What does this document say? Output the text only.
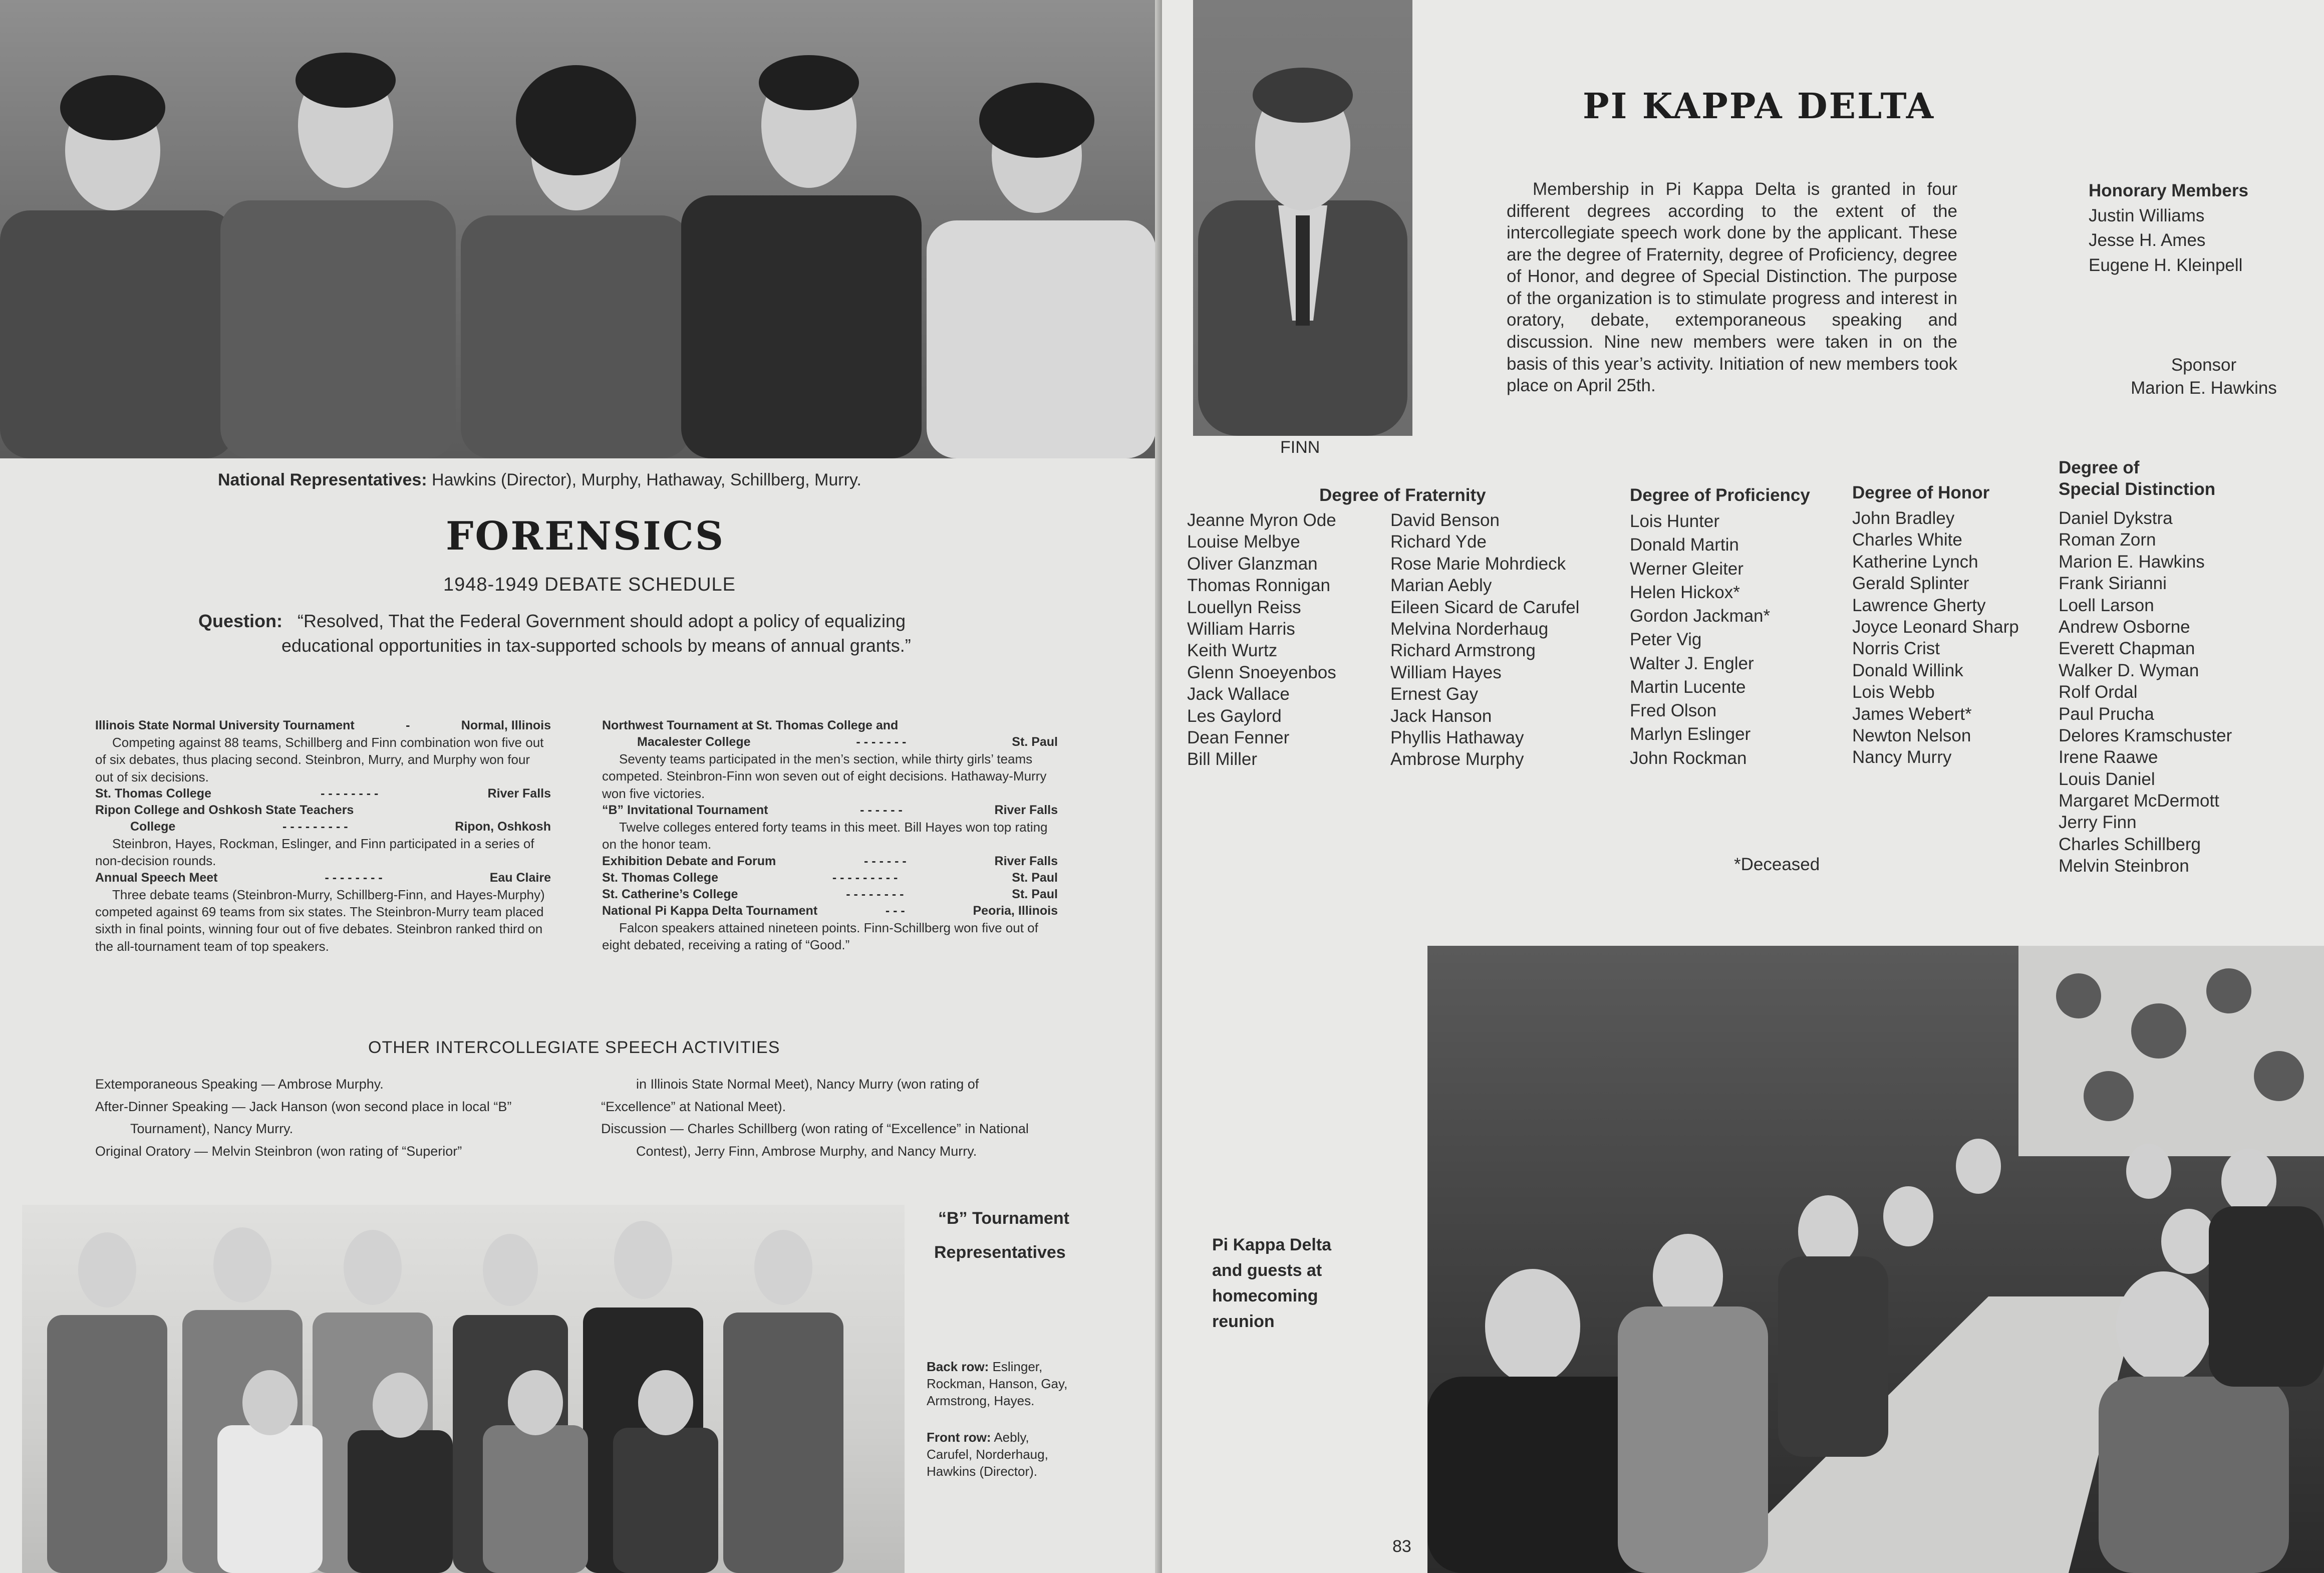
National Representatives: Hawkins (Director), Murphy, Hathaway, Schillberg, Murry.
FORENSICS
1948-1949 DEBATE SCHEDULE
Question: “Resolved, That the Federal Government should adopt a policy of equalizing
educational opportunities in tax-supported schools by means of annual grants.”
Illinois State Normal University Tournament	-	Normal, Illinois

Competing against 88 teams, Schillberg and Finn combination won five out of six debates, thus placing second. Steinbron, Murry, and Murphy won four out of six decisions.

St. Thomas College	- - - - - - - -	River Falls
Ripon College and Oshkosh State Teachers
College	- - - - - - - - -	Ripon, Oshkosh

Steinbron, Hayes, Rockman, Eslinger, and Finn participated in a series of non-decision rounds.

Annual Speech Meet	- - - - - - - -	Eau Claire

Three debate teams (Steinbron-Murry, Schillberg-Finn, and Hayes-Murphy) competed against 69 teams from six states. The Steinbron-Murry team placed sixth in final points, winning four out of five debates. Steinbron ranked third on the all-tournament team of top speakers.

Northwest Tournament at St. Thomas College and
Macalester College	- - - - - - -	St. Paul

Seventy teams participated in the men’s section, while thirty girls’ teams competed. Steinbron-Finn won seven out of eight decisions. Hathaway-Murry won five victories.

“B” Invitational Tournament	- - - - - -	River Falls

Twelve colleges entered forty teams in this meet. Bill Hayes won top rating on the honor team.

Exhibition Debate and Forum	- - - - - -	River Falls
St. Thomas College	- - - - - - - - -	St. Paul
St. Catherine’s College	- - - - - - - -	St. Paul
National Pi Kappa Delta Tournament	- - -	Peoria, Illinois

Falcon speakers attained nineteen points. Finn-Schillberg won five out of eight debated, receiving a rating of “Good.”

OTHER INTERCOLLEGIATE SPEECH ACTIVITIES

Extemporaneous Speaking — Ambrose Murphy.

After-Dinner Speaking — Jack Hanson (won second place in local “B” Tournament), Nancy Murry.

Original Oratory — Melvin Steinbron (won rating of “Superior”

in Illinois State Normal Meet), Nancy Murry (won rating of “Excellence” at National Meet).

Discussion — Charles Schillberg (won rating of “Excellence” in National Contest), Jerry Finn, Ambrose Murphy, and Nancy Murry.

“B” Tournament
Representatives
Back row: Eslinger, Rockman, Hanson, Gay, Armstrong, Hayes.
Front row: Aebly, Carufel, Norderhaug, Hawkins (Director).
FINN
PI KAPPA DELTA
Membership in Pi Kappa Delta is granted in four different degrees according to the extent of the intercollegiate speech work done by the applicant. These are the degree of Fraternity, degree of Proficiency, degree of Honor, and degree of Special Distinction. The purpose of the organization is to stimulate progress and interest in oratory, debate, extemporaneous speaking and discussion. Nine new members were taken in on the basis of this year’s activity. Initiation of new members took place on April 25th.
Honorary Members
Justin Williams
Jesse H. Ames
Eugene H. Kleinpell
Sponsor
Marion E. Hawkins
Degree of Fraternity
Jeanne Myron Ode
Louise Melbye
Oliver Glanzman
Thomas Ronnigan
Louellyn Reiss
William Harris
Keith Wurtz
Glenn Snoeyenbos
Jack Wallace
Les Gaylord
Dean Fenner
Bill Miller
David Benson
Richard Yde
Rose Marie Mohrdieck
Marian Aebly
Eileen Sicard de Carufel
Melvina Norderhaug
Richard Armstrong
William Hayes
Ernest Gay
Jack Hanson
Phyllis Hathaway
Ambrose Murphy
Degree of Proficiency
Lois Hunter
Donald Martin
Werner Gleiter
Helen Hickox*
Gordon Jackman*
Peter Vig
Walter J. Engler
Martin Lucente
Fred Olson
Marlyn Eslinger
John Rockman
Degree of Honor
John Bradley
Charles White
Katherine Lynch
Gerald Splinter
Lawrence Gherty
Joyce Leonard Sharp
Norris Crist
Donald Willink
Lois Webb
James Webert*
Newton Nelson
Nancy Murry
Degree of
Special Distinction
Daniel Dykstra
Roman Zorn
Marion E. Hawkins
Frank Sirianni
Loell Larson
Andrew Osborne
Everett Chapman
Walker D. Wyman
Rolf Ordal
Paul Prucha
Delores Kramschuster
Irene Raawe
Louis Daniel
Margaret McDermott
Jerry Finn
Charles Schillberg
Melvin Steinbron
*Deceased
Pi Kappa Delta
and guests at
homecoming
reunion
83
